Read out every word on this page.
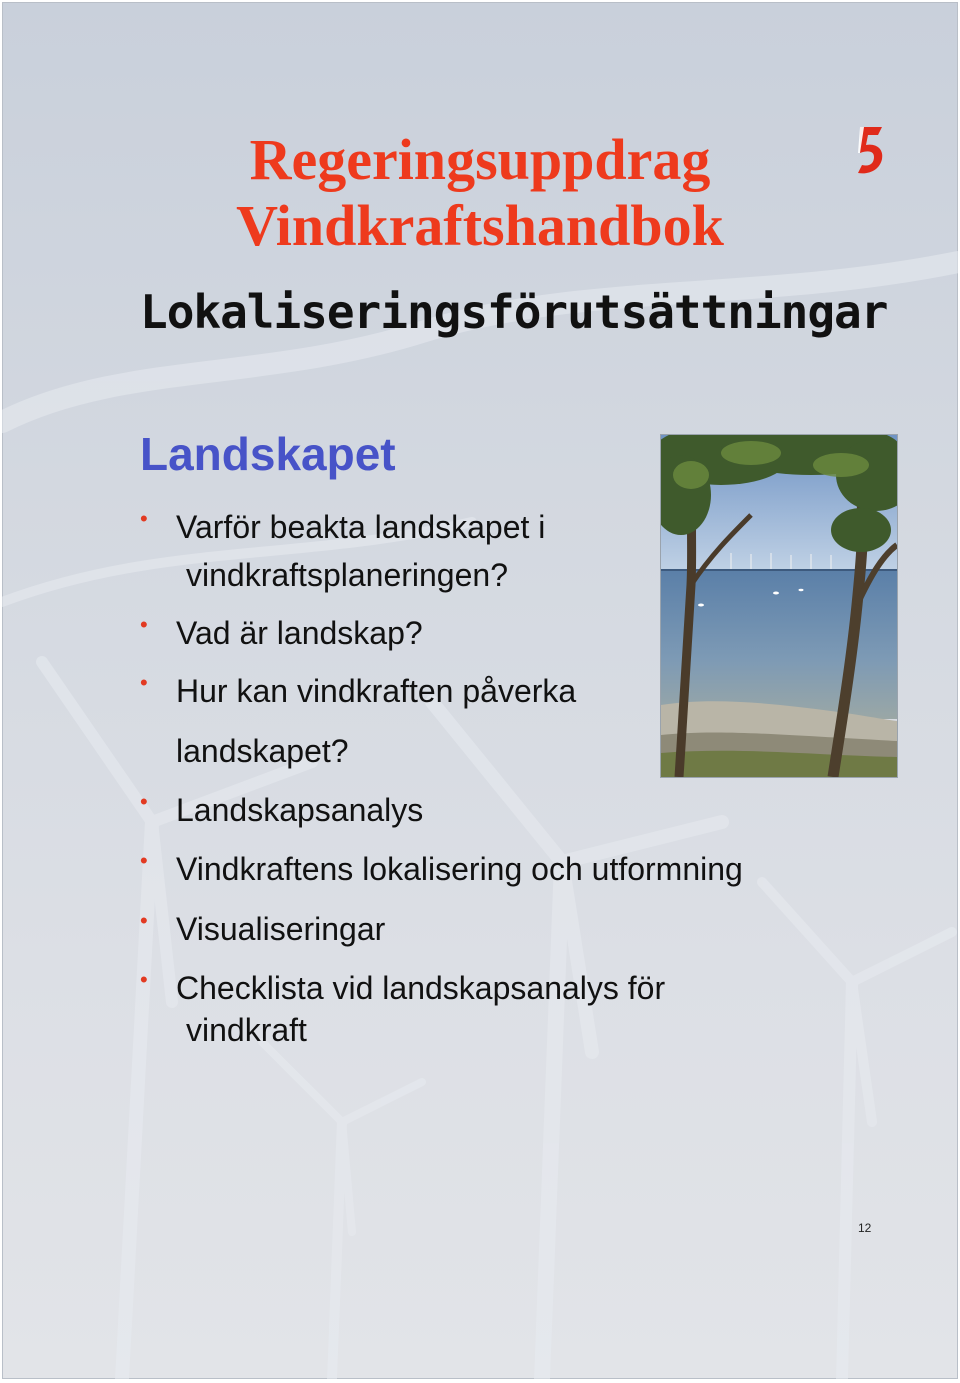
Regeringsuppdrag
Vindkraftshandbok
Lokaliseringsförutsättningar
Landskapet
• Varför beakta landskapet i
vindkraftsplaneringen?
• Vad är landskap?
• Hur kan vindkraften påverka
landskapet?
• Landskapsanalys
• Vindkraftens lokalisering och utformning
• Visualiseringar
• Checklista vid landskapsanalys för
vindkraft

12
